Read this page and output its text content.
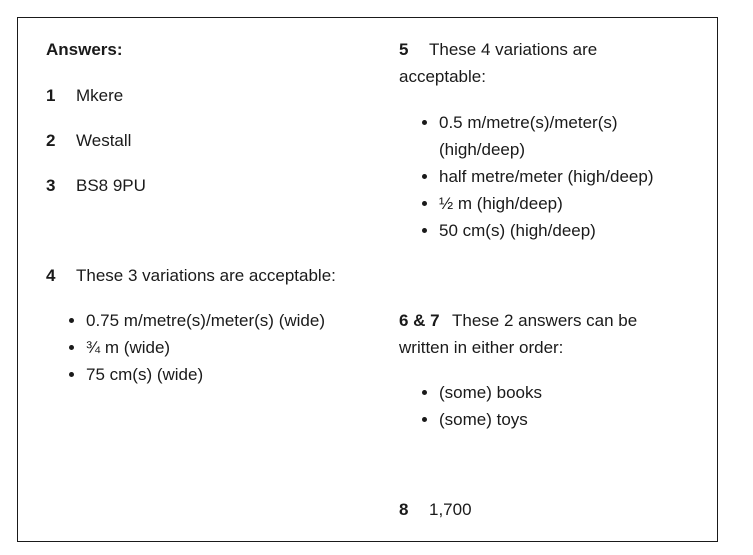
Answers:
1 Mkere
2 Westall
3 BS8 9PU
4 These 3 variations are acceptable:
0.75 m/metre(s)/meter(s) (wide)
¾ m (wide)
75 cm(s) (wide)
5 These 4 variations are acceptable:
0.5 m/metre(s)/meter(s) (high/deep)
half metre/meter (high/deep)
½ m (high/deep)
50 cm(s) (high/deep)
6 & 7 These 2 answers can be written in either order:
(some) books
(some) toys
8 1,700
